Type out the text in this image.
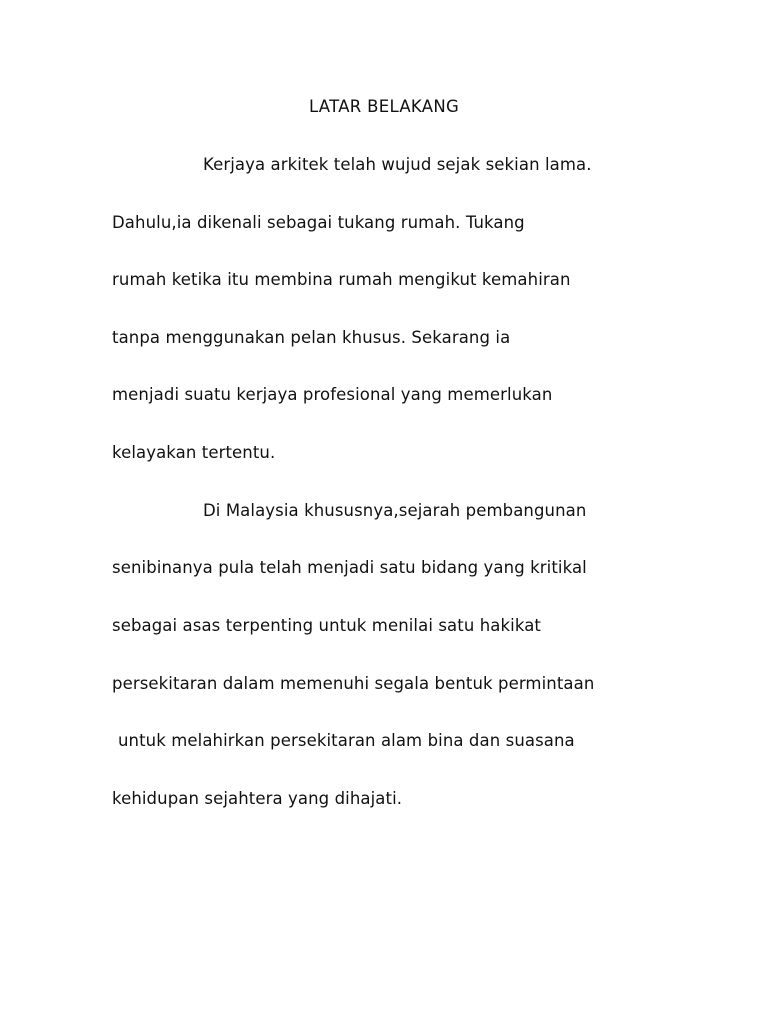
LATAR BELAKANG
Kerjaya arkitek telah wujud sejak sekian lama.
Dahulu,ia dikenali sebagai tukang rumah. Tukang
rumah ketika itu membina rumah mengikut kemahiran
tanpa menggunakan pelan khusus. Sekarang ia
menjadi suatu kerjaya profesional yang memerlukan
kelayakan tertentu.
Di Malaysia khususnya,sejarah pembangunan
senibinanya pula telah menjadi satu bidang yang kritikal
sebagai asas terpenting untuk menilai satu hakikat
persekitaran dalam memenuhi segala bentuk permintaan
untuk melahirkan persekitaran alam bina dan suasana
kehidupan sejahtera yang dihajati.
